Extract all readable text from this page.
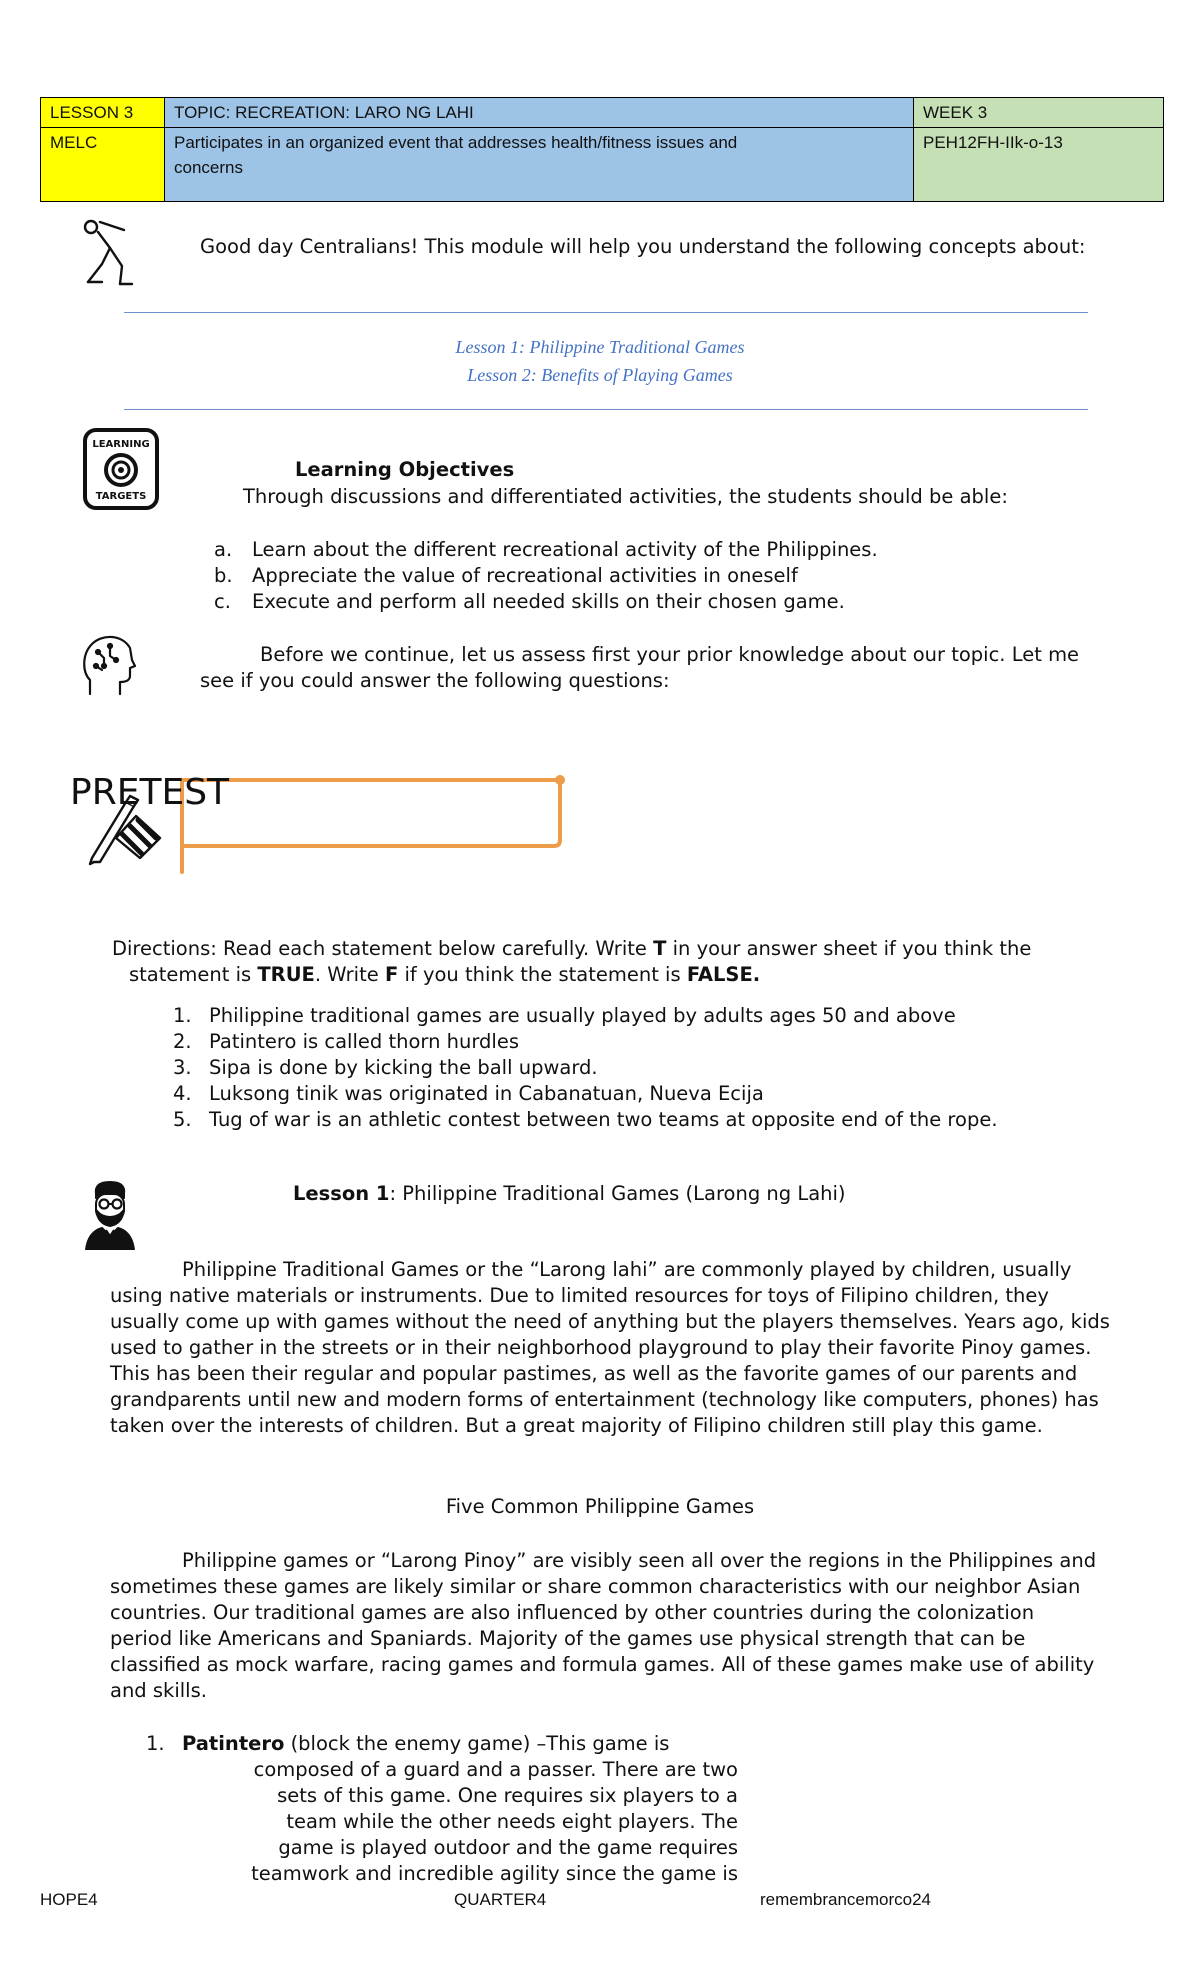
LESSON 3	TOPIC: RECREATION: LARO NG LAHI	WEEK 3
MELC	Participates in an organized event that addresses health/fitness issues and concerns	PEH12FH-IIk-o-13

Good day Centralians! This module will help you understand the following concepts about:

Lesson 1: Philippine Traditional Games
Lesson 2: Benefits of Playing Games
LEARNING
TARGETS

Learning Objectives

Through discussions and differentiated activities, the students should be able:

a. Learn about the different recreational activity of the Philippines.
b. Appreciate the value of recreational activities in oneself
c. Execute and perform all needed skills on their chosen game.

Before we continue, let us assess first your prior knowledge about our topic. Let me see if you could answer the following questions:

PRETEST

Directions: Read each statement below carefully. Write T in your answer sheet if you think the statement is TRUE. Write F if you think the statement is FALSE.

1. Philippine traditional games are usually played by adults ages 50 and above
2. Patintero is called thorn hurdles
3. Sipa is done by kicking the ball upward.
4. Luksong tinik was originated in Cabanatuan, Nueva Ecija
5. Tug of war is an athletic contest between two teams at opposite end of the rope.

Lesson 1: Philippine Traditional Games (Larong ng Lahi)

Philippine Traditional Games or the “Larong lahi” are commonly played by children, usually using native materials or instruments. Due to limited resources for toys of Filipino children, they usually come up with games without the need of anything but the players themselves. Years ago, kids used to gather in the streets or in their neighborhood playground to play their favorite Pinoy games. This has been their regular and popular pastimes, as well as the favorite games of our parents and grandparents until new and modern forms of entertainment (technology like computers, phones) has taken over the interests of children. But a great majority of Filipino children still play this game.

Five Common Philippine Games

Philippine games or “Larong Pinoy” are visibly seen all over the regions in the Philippines and sometimes these games are likely similar or share common characteristics with our neighbor Asian countries. Our traditional games are also influenced by other countries during the colonization period like Americans and Spaniards. Majority of the games use physical strength that can be classified as mock warfare, racing games and formula games. All of these games make use of ability and skills.

1. Patintero (block the enemy game) –This game is
composed of a guard and a passer. There are two
sets of this game. One requires six players to a
team while the other needs eight players. The
game is played outdoor and the game requires
teamwork and incredible agility since the game is
HOPE4	QUARTER4	remembrancemorco24
